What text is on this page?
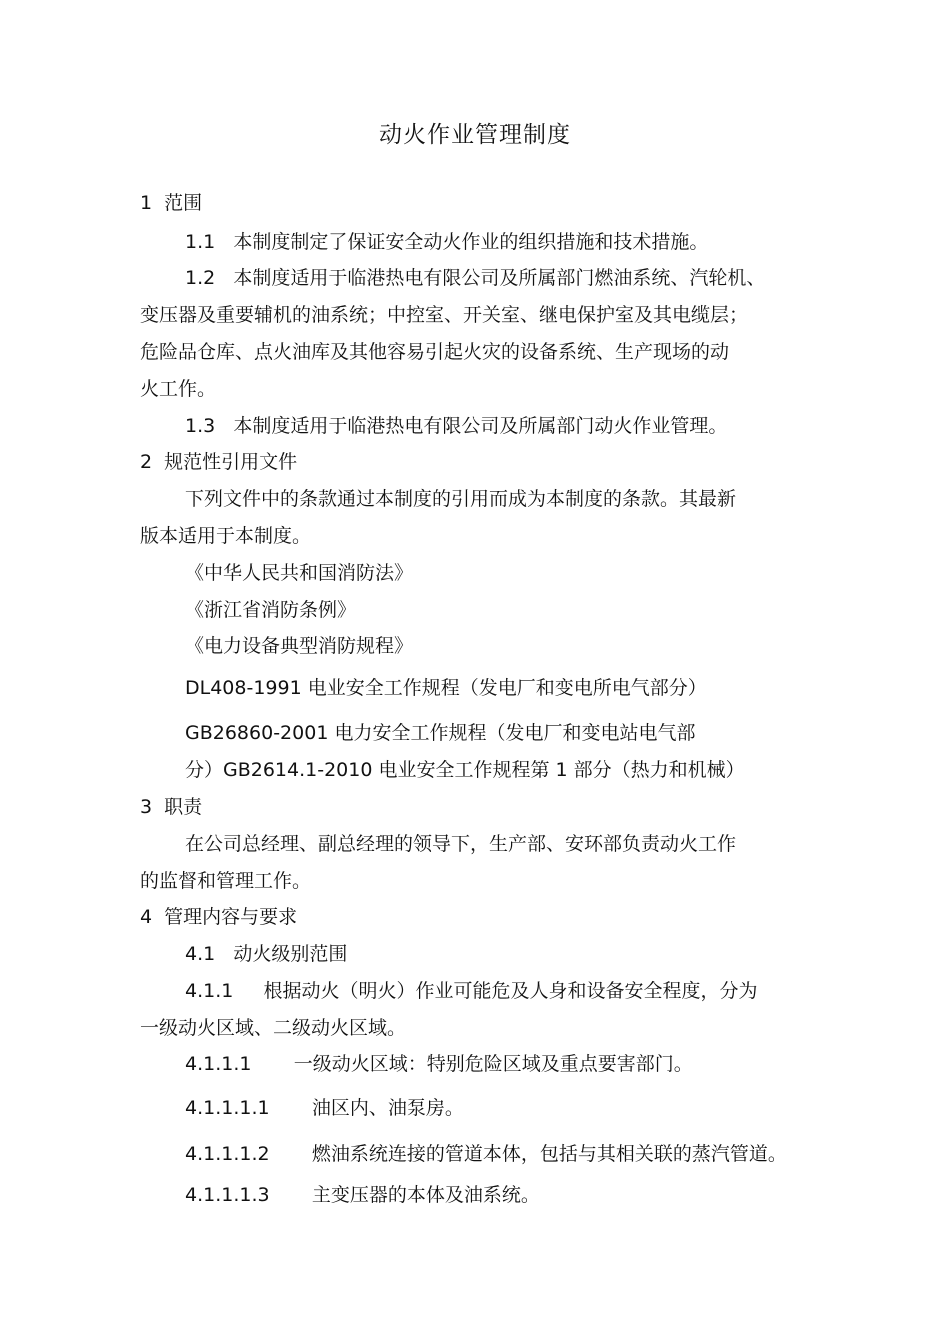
动火作业管理制度
1  范围
1.1   本制度制定了保证安全动火作业的组织措施和技术措施。
1.2   本制度适用于临港热电有限公司及所属部门燃油系统、汽轮机、
变压器及重要辅机的油系统；中控室、开关室、继电保护室及其电缆层；
危险品仓库、点火油库及其他容易引起火灾的设备系统、生产现场的动
火工作。
1.3   本制度适用于临港热电有限公司及所属部门动火作业管理。
2  规范性引用文件
下列文件中的条款通过本制度的引用而成为本制度的条款。其最新
版本适用于本制度。
《中华人民共和国消防法》
《浙江省消防条例》
《电力设备典型消防规程》
DL408-1991 电业安全工作规程（发电厂和变电所电气部分）
GB26860-2001 电力安全工作规程（发电厂和变电站电气部
分）GB2614.1-2010 电业安全工作规程第 1 部分（热力和机械）
3  职责
在公司总经理、副总经理的领导下，生产部、安环部负责动火工作
的监督和管理工作。
4  管理内容与要求
4.1   动火级别范围
4.1.1     根据动火（明火）作业可能危及人身和设备安全程度，分为
一级动火区域、二级动火区域。
4.1.1.1       一级动火区域：特别危险区域及重点要害部门。
4.1.1.1.1       油区内、油泵房。
4.1.1.1.2       燃油系统连接的管道本体，包括与其相关联的蒸汽管道。
4.1.1.1.3       主变压器的本体及油系统。
